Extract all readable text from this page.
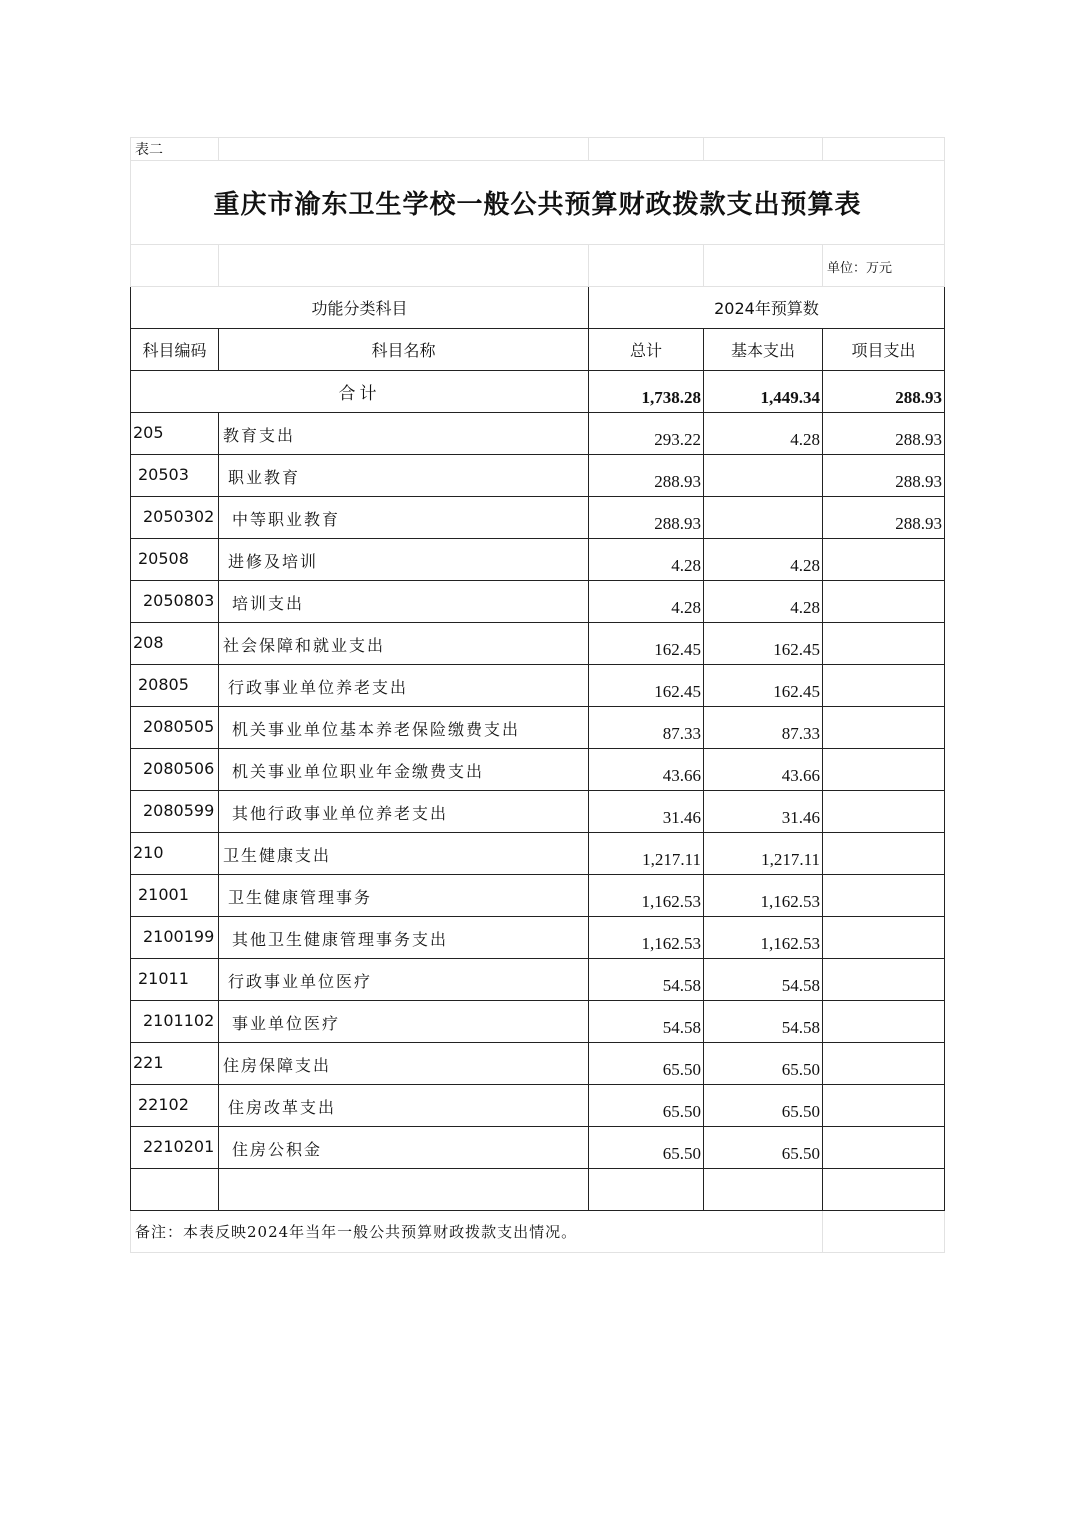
表二				
重庆市渝东卫生学校一般公共预算财政拨款支出预算表				
				单位：万元
功能分类科目		2024年预算数		
科目编码	科目名称	总计	基本支出	项目支出
合计		1,738.28	1,449.34	288.93
205	教育支出	293.22	4.28	288.93
20503	职业教育	288.93		288.93
2050302	中等职业教育	288.93		288.93
20508	进修及培训	4.28	4.28	
2050803	培训支出	4.28	4.28	
208	社会保障和就业支出	162.45	162.45	
20805	行政事业单位养老支出	162.45	162.45	
2080505	机关事业单位基本养老保险缴费支出	87.33	87.33	
2080506	机关事业单位职业年金缴费支出	43.66	43.66	
2080599	其他行政事业单位养老支出	31.46	31.46	
210	卫生健康支出	1,217.11	1,217.11	
21001	卫生健康管理事务	1,162.53	1,162.53	
2100199	其他卫生健康管理事务支出	1,162.53	1,162.53	
21011	行政事业单位医疗	54.58	54.58	
2101102	事业单位医疗	54.58	54.58	
221	住房保障支出	65.50	65.50	
22102	住房改革支出	65.50	65.50	
2210201	住房公积金	65.50	65.50	

备注：本表反映2024年当年一般公共预算财政拨款支出情况。				
